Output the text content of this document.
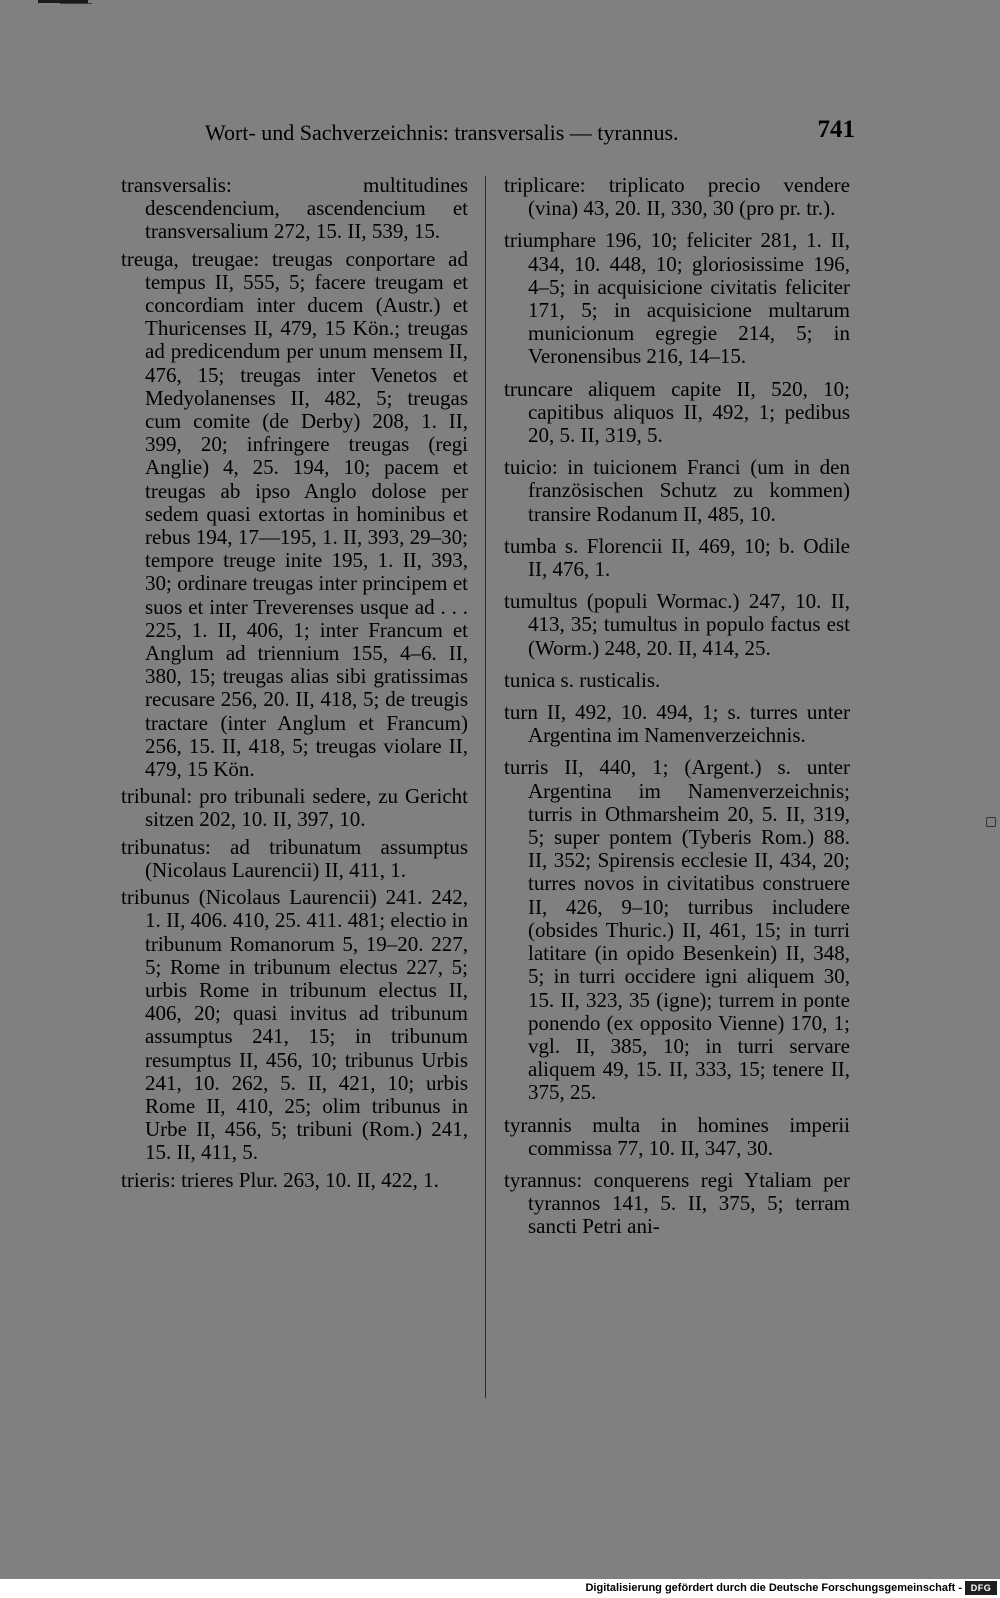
Wort- und Sachverzeichnis: transversalis — tyrannus.	741

transversalis: multitudines descendencium, ascendencium et transversalium 272, 15. II, 539, 15.

treuga, treugae: treugas conportare ad tempus II, 555, 5; facere treugam et concordiam inter ducem (Austr.) et Thuricenses II, 479, 15 Kön.; treugas ad predicendum per unum mensem II, 476, 15; treugas inter Venetos et Medyolanenses II, 482, 5; treugas cum comite (de Derby) 208, 1. II, 399, 20; infringere treugas (regi Anglie) 4, 25. 194, 10; pacem et treugas ab ipso Anglo dolose per sedem quasi extortas in hominibus et rebus 194, 17—195, 1. II, 393, 29–30; tempore treuge inite 195, 1. II, 393, 30; ordinare treugas inter principem et suos et inter Treverenses usque ad . . . 225, 1. II, 406, 1; inter Francum et Anglum ad triennium 155, 4–6. II, 380, 15; treugas alias sibi gratissimas recusare 256, 20. II, 418, 5; de treugis tractare (inter Anglum et Francum) 256, 15. II, 418, 5; treugas violare II, 479, 15 Kön.

tribunal: pro tribunali sedere, zu Gericht sitzen 202, 10. II, 397, 10.

tribunatus: ad tribunatum assumptus (Nicolaus Laurencii) II, 411, 1.

tribunus (Nicolaus Laurencii) 241. 242, 1. II, 406. 410, 25. 411. 481; electio in tribunum Romanorum 5, 19–20. 227, 5; Rome in tribunum electus 227, 5; urbis Rome in tribunum electus II, 406, 20; quasi invitus ad tribunum assumptus 241, 15; in tribunum resumptus II, 456, 10; tribunus Urbis 241, 10. 262, 5. II, 421, 10; urbis Rome II, 410, 25; olim tribunus in Urbe II, 456, 5; tribuni (Rom.) 241, 15. II, 411, 5.

trieris: trieres Plur. 263, 10. II, 422, 1.

triplicare: triplicato precio vendere (vina) 43, 20. II, 330, 30 (pro pr. tr.).

triumphare 196, 10; feliciter 281, 1. II, 434, 10. 448, 10; gloriosissime 196, 4–5; in acquisicione civitatis feliciter 171, 5; in acquisicione multarum municionum egregie 214, 5; in Veronensibus 216, 14–15.

truncare aliquem capite II, 520, 10; capitibus aliquos II, 492, 1; pedibus 20, 5. II, 319, 5.

tuicio: in tuicionem Franci (um in den französischen Schutz zu kommen) transire Rodanum II, 485, 10.

tumba s. Florencii II, 469, 10; b. Odile II, 476, 1.

tumultus (populi Wormac.) 247, 10. II, 413, 35; tumultus in populo factus est (Worm.) 248, 20. II, 414, 25.

tunica s. rusticalis.

turn II, 492, 10. 494, 1; s. turres unter Argentina im Namenverzeichnis.

turris II, 440, 1; (Argent.) s. unter Argentina im Namenverzeichnis; turris in Othmarsheim 20, 5. II, 319, 5; super pontem (Tyberis Rom.) 88. II, 352; Spirensis ecclesie II, 434, 20; turres novos in civitatibus construere II, 426, 9–10; turribus includere (obsides Thuric.) II, 461, 15; in turri latitare (in opido Besenkein) II, 348, 5; in turri occidere igni aliquem 30, 15. II, 323, 35 (igne); turrem in ponte ponendo (ex opposito Vienne) 170, 1; vgl. II, 385, 10; in turri servare aliquem 49, 15. II, 333, 15; tenere II, 375, 25.

tyrannis multa in homines imperii commissa 77, 10. II, 347, 30.

tyrannus: conquerens regi Ytaliam per tyrannos 141, 5. II, 375, 5; terram sancti Petri ani-

Digitalisierung gefördert durch die Deutsche Forschungsgemeinschaft - DFG
